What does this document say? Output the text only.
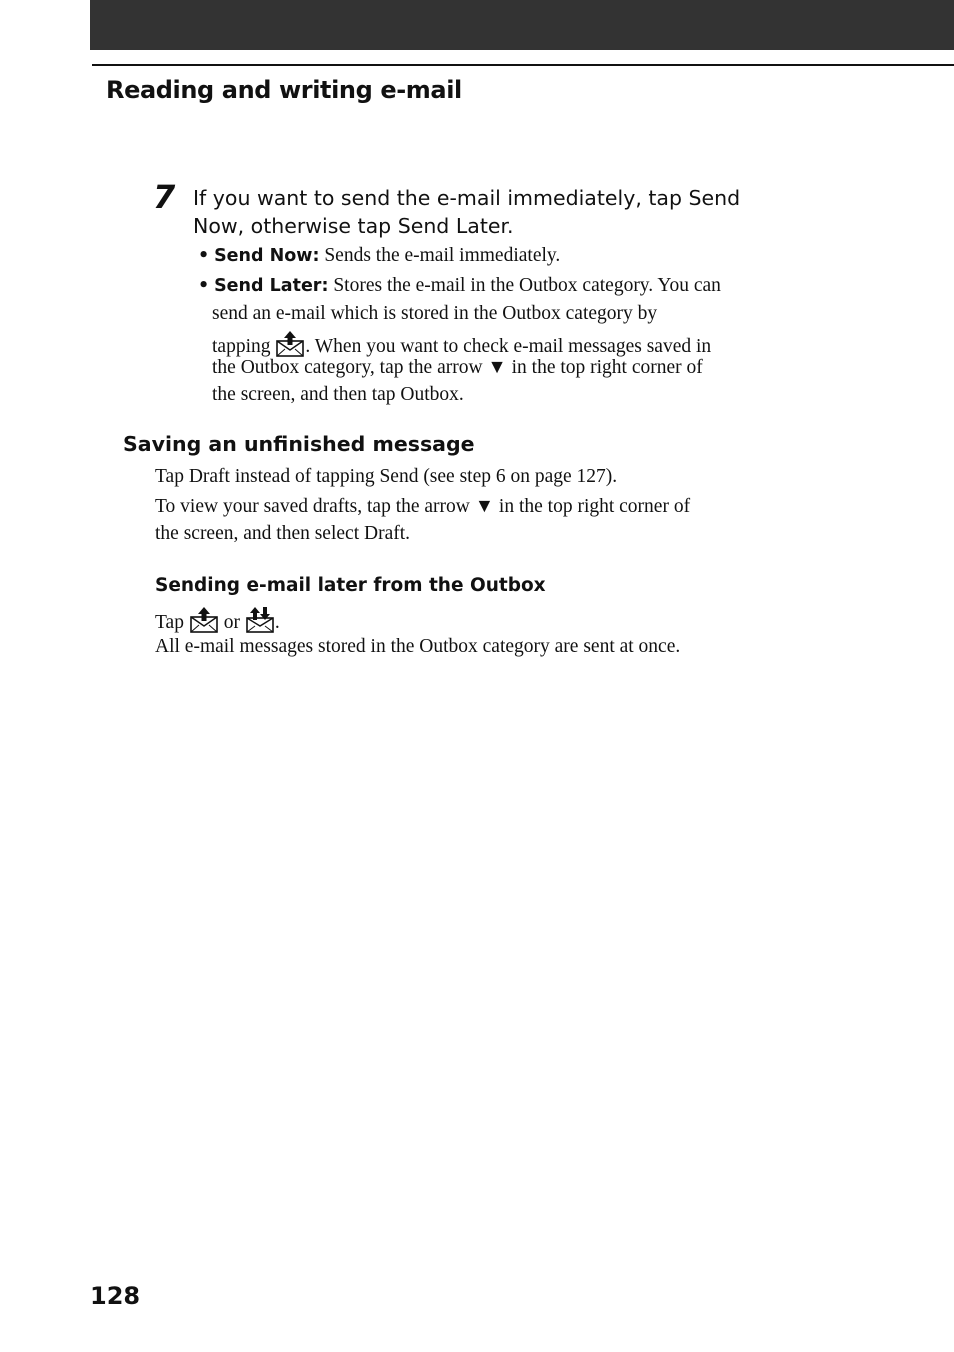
Reading and writing e-mail
7 If you want to send the e-mail immediately, tap Send
Now, otherwise tap Send Later.
• Send Now: Sends the e-mail immediately.
• Send Later: Stores the e-mail in the Outbox category. You can
send an e-mail which is stored in the Outbox category by
tapping
. When you want to check e-mail messages saved in
the Outbox category, tap the arrow ▼ in the top right corner of
the screen, and then tap Outbox.
Saving an unfinished message
Tap Draft instead of tapping Send (see step 6 on page 127).
To view your saved drafts, tap the arrow ▼ in the top right corner of
the screen, and then select Draft.
Sending e-mail later from the Outbox
Tap
or
.
All e-mail messages stored in the Outbox category are sent at once.
128
